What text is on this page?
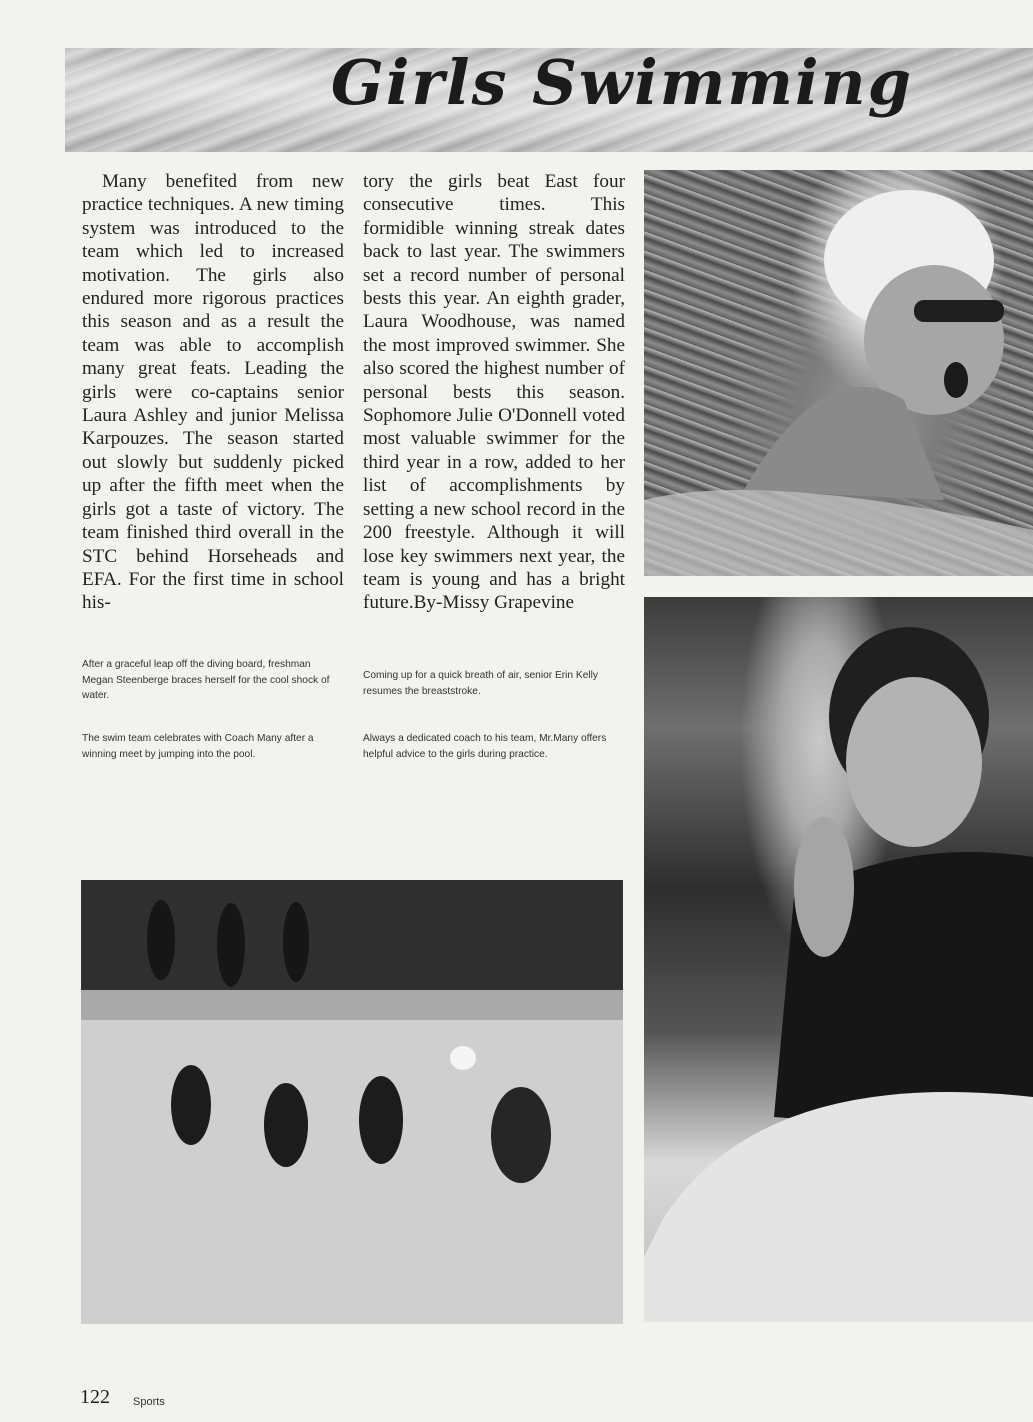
Girls Swimming

Many benefited from new practice techniques. A new timing system was introduced to the team which led to increased motivation. The girls also endured more rigorous practices this season and as a result the team was able to accomplish many great feats. Leading the girls were co-captains senior Laura Ashley and junior Melissa Karpouzes. The season started out slowly but suddenly picked up after the fifth meet when the girls got a taste of victory. The team finished third overall in the STC behind Horseheads and EFA. For the first time in school his-

tory the girls beat East four consecutive times. This formidible winning streak dates back to last year. The swimmers set a record number of personal bests this year. An eighth grader, Laura Woodhouse, was named the most improved swimmer. She also scored the highest number of personal bests this season. Sophomore Julie O'Donnell voted most valuable swimmer for the third year in a row, added to her list of accomplishments by setting a new school record in the 200 freestyle. Although it will lose key swimmers next year, the team is young and has a bright future.By-Missy Grapevine

After a graceful leap off the diving board, freshman Megan Steenberge braces herself for the cool shock of water.

The swim team celebrates with Coach Many after a winning meet by jumping into the pool.

Coming up for a quick breath of air, senior Erin Kelly resumes the breaststroke.

Always a dedicated coach to his team, Mr.Many offers helpful advice to the girls during practice.

122 Sports
